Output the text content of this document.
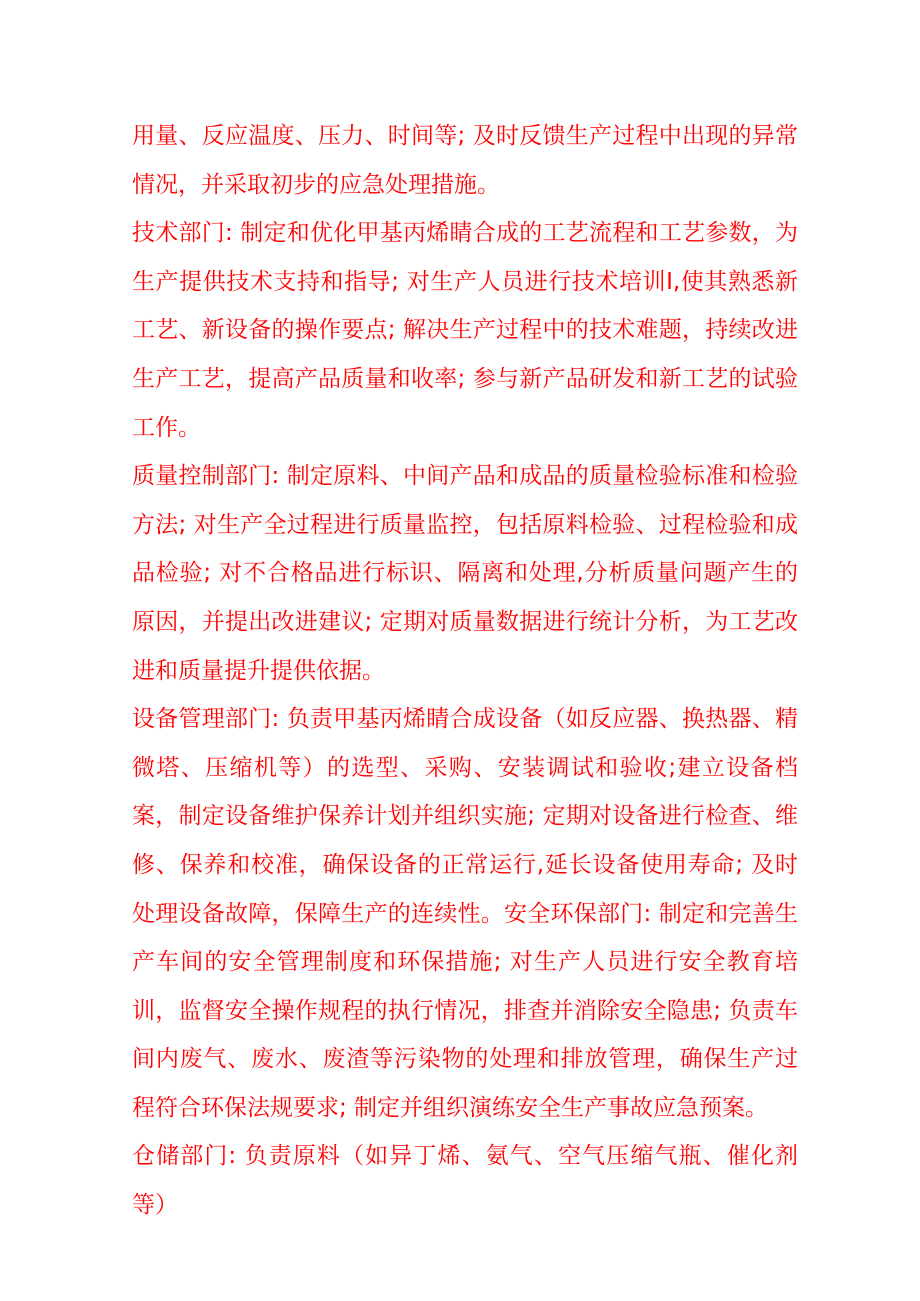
用量、反应温度、压力、时间等; 及时反馈生产过程中出现的异常情况，并采取初步的应急处理措施。

技术部门: 制定和优化甲基丙烯睛合成的工艺流程和工艺参数，为生产提供技术支持和指导; 对生产人员进行技术培训I,使其熟悉新工艺、新设备的操作要点; 解决生产过程中的技术难题，持续改进生产工艺，提高产品质量和收率; 参与新产品研发和新工艺的试验工作。

质量控制部门: 制定原料、中间产品和成品的质量检验标准和检验方法; 对生产全过程进行质量监控，包括原料检验、过程检验和成品检验; 对不合格品进行标识、隔离和处理,分析质量问题产生的原因，并提出改进建议; 定期对质量数据进行统计分析，为工艺改进和质量提升提供依据。

设备管理部门: 负责甲基丙烯睛合成设备（如反应器、换热器、精微塔、压缩机等）的选型、采购、安装调试和验收;建立设备档案，制定设备维护保养计划并组织实施; 定期对设备进行检查、维修、保养和校准，确保设备的正常运行,延长设备使用寿命; 及时处理设备故障，保障生产的连续性。安全环保部门: 制定和完善生产车间的安全管理制度和环保措施; 对生产人员进行安全教育培训，监督安全操作规程的执行情况，排查并消除安全隐患; 负责车间内废气、废水、废渣等污染物的处理和排放管理，确保生产过程符合环保法规要求; 制定并组织演练安全生产事故应急预案。

仓储部门: 负责原料（如异丁烯、氨气、空气压缩气瓶、催化剂等）
